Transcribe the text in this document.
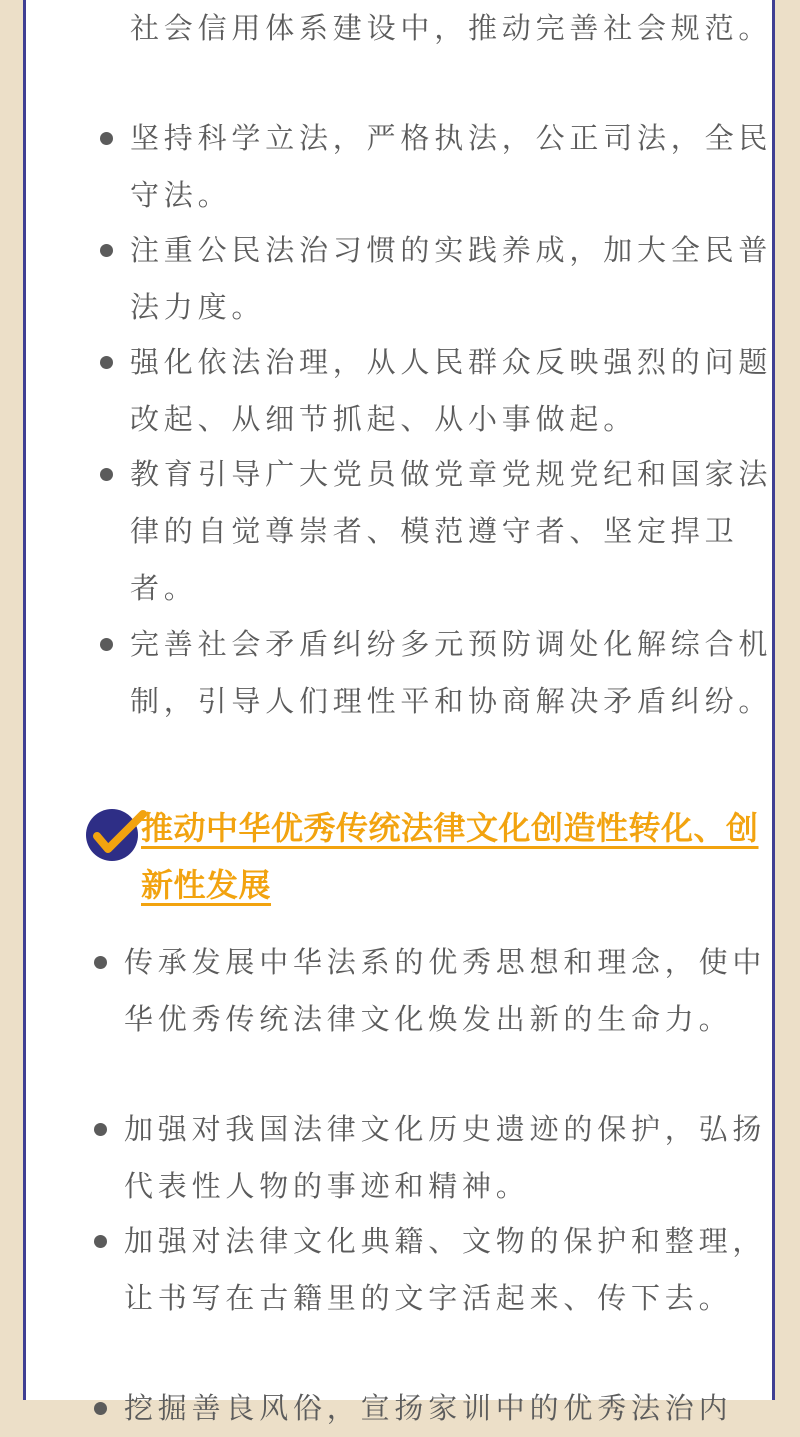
社会信用体系建设中，推动完善社会规范。
坚持科学立法，严格执法，公正司法，全民守法。
注重公民法治习惯的实践养成，加大全民普法力度。
强化依法治理，从人民群众反映强烈的问题改起、从细节抓起、从小事做起。
教育引导广大党员做党章党规党纪和国家法律的自觉尊崇者、模范遵守者、坚定捍卫者。
完善社会矛盾纠纷多元预防调处化解综合机制，引导人们理性平和协商解决矛盾纠纷。
推动中华优秀传统法律文化创造性转化、创新性发展
传承发展中华法系的优秀思想和理念，使中华优秀传统法律文化焕发出新的生命力。
加强对我国法律文化历史遗迹的保护，弘扬代表性人物的事迹和精神。
加强对法律文化典籍、文物的保护和整理，让书写在古籍里的文字活起来、传下去。
挖掘善良风俗，宣扬家训中的优秀法治内
